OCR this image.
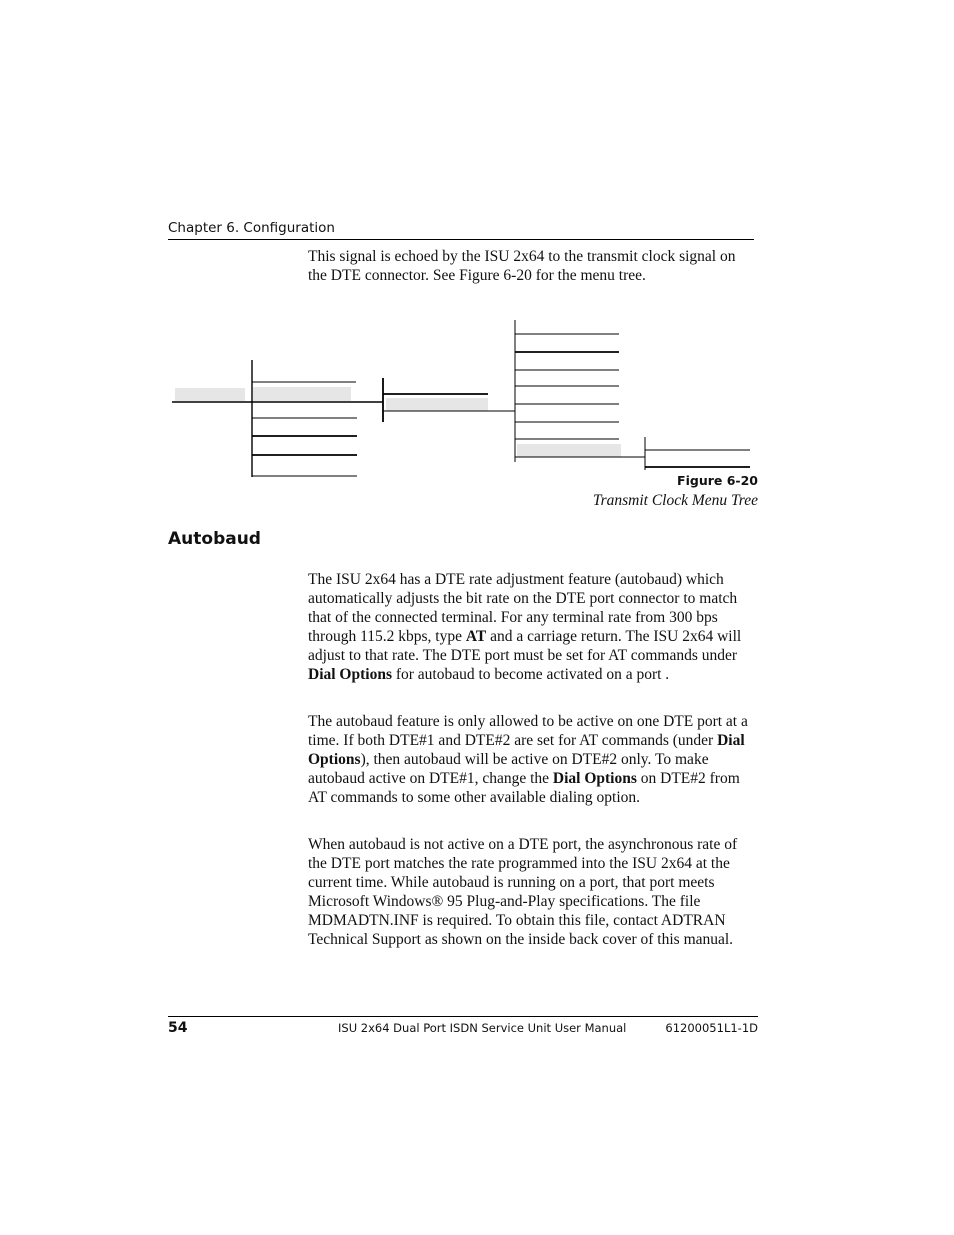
Chapter 6. Configuration

This signal is echoed by the ISU 2x64 to the transmit clock signal on the DTE connector. See Figure 6-20 for the menu tree.

Figure 6-20
Transmit Clock Menu Tree
Autobaud

The ISU 2x64 has a DTE rate adjustment feature (autobaud) which automatically adjusts the bit rate on the DTE port connector to match that of the connected terminal. For any terminal rate from 300 bps through 115.2 kbps, type AT and a carriage return. The ISU 2x64 will adjust to that rate. The DTE port must be set for AT commands under Dial Options for autobaud to become activated on a port .

The autobaud feature is only allowed to be active on one DTE port at a time. If both DTE#1 and DTE#2 are set for AT commands (under Dial Options), then autobaud will be active on DTE#2 only. To make autobaud active on DTE#1, change the Dial Options on DTE#2 from AT commands to some other available dialing option.

When autobaud is not active on a DTE port, the asynchronous rate of the DTE port matches the rate programmed into the ISU 2x64 at the current time. While autobaud is running on a port, that port meets Microsoft Windows® 95 Plug-and-Play specifications. The file MDMADTN.INF is required. To obtain this file, contact ADTRAN Technical Support as shown on the inside back cover of this manual.

54	ISU 2x64 Dual Port ISDN Service Unit User Manual	61200051L1-1D
